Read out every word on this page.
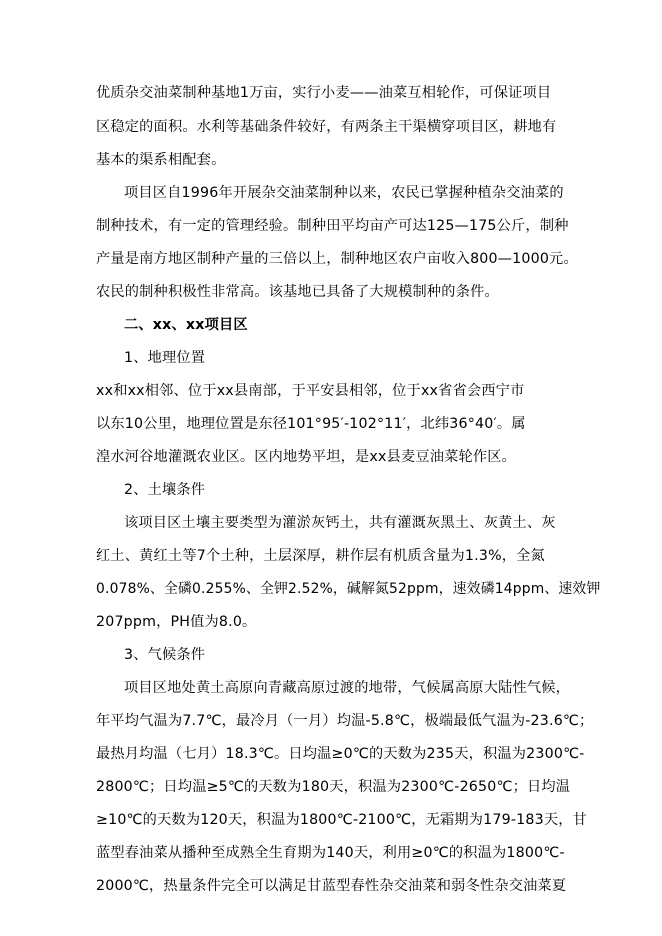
优质杂交油菜制种基地1万亩，实行小麦——油菜互相轮作，可保证项目
区稳定的面积。水利等基础条件较好，有两条主干渠横穿项目区，耕地有
基本的渠系相配套。
项目区自1996年开展杂交油菜制种以来，农民已掌握种植杂交油菜的
制种技术，有一定的管理经验。制种田平均亩产可达125—175公斤，制种
产量是南方地区制种产量的三倍以上，制种地区农户亩收入800—1000元。
农民的制种积极性非常高。该基地已具备了大规模制种的条件。
二、xx、xx项目区
1、地理位置
xx和xx相邻、位于xx县南部，于平安县相邻，位于xx省省会西宁市
以东10公里，地理位置是东径101°95′-102°11′，北纬36°40′。属
湟水河谷地灌溉农业区。区内地势平坦，是xx县麦豆油菜轮作区。
2、土壤条件
该项目区土壤主要类型为灌淤灰钙土，共有灌溉灰黑土、灰黄土、灰
红土、黄红土等7个土种，土层深厚，耕作层有机质含量为1.3%，全氮
0.078%、全磷0.255%、全钾2.52%，碱解氮52ppm，速效磷14ppm、速效钾
207ppm，PH值为8.0。
3、气候条件
项目区地处黄土高原向青藏高原过渡的地带，气候属高原大陆性气候，
年平均气温为7.7℃，最冷月（一月）均温-5.8℃，极端最低气温为-23.6℃；
最热月均温（七月）18.3℃。日均温≥0℃的天数为235天，积温为2300℃-
2800℃；日均温≥5℃的天数为180天，积温为2300℃-2650℃；日均温
≥10℃的天数为120天，积温为1800℃-2100℃，无霜期为179-183天，甘
蓝型春油菜从播种至成熟全生育期为140天，利用≥0℃的积温为1800℃-
2000℃，热量条件完全可以满足甘蓝型春性杂交油菜和弱冬性杂交油菜夏
